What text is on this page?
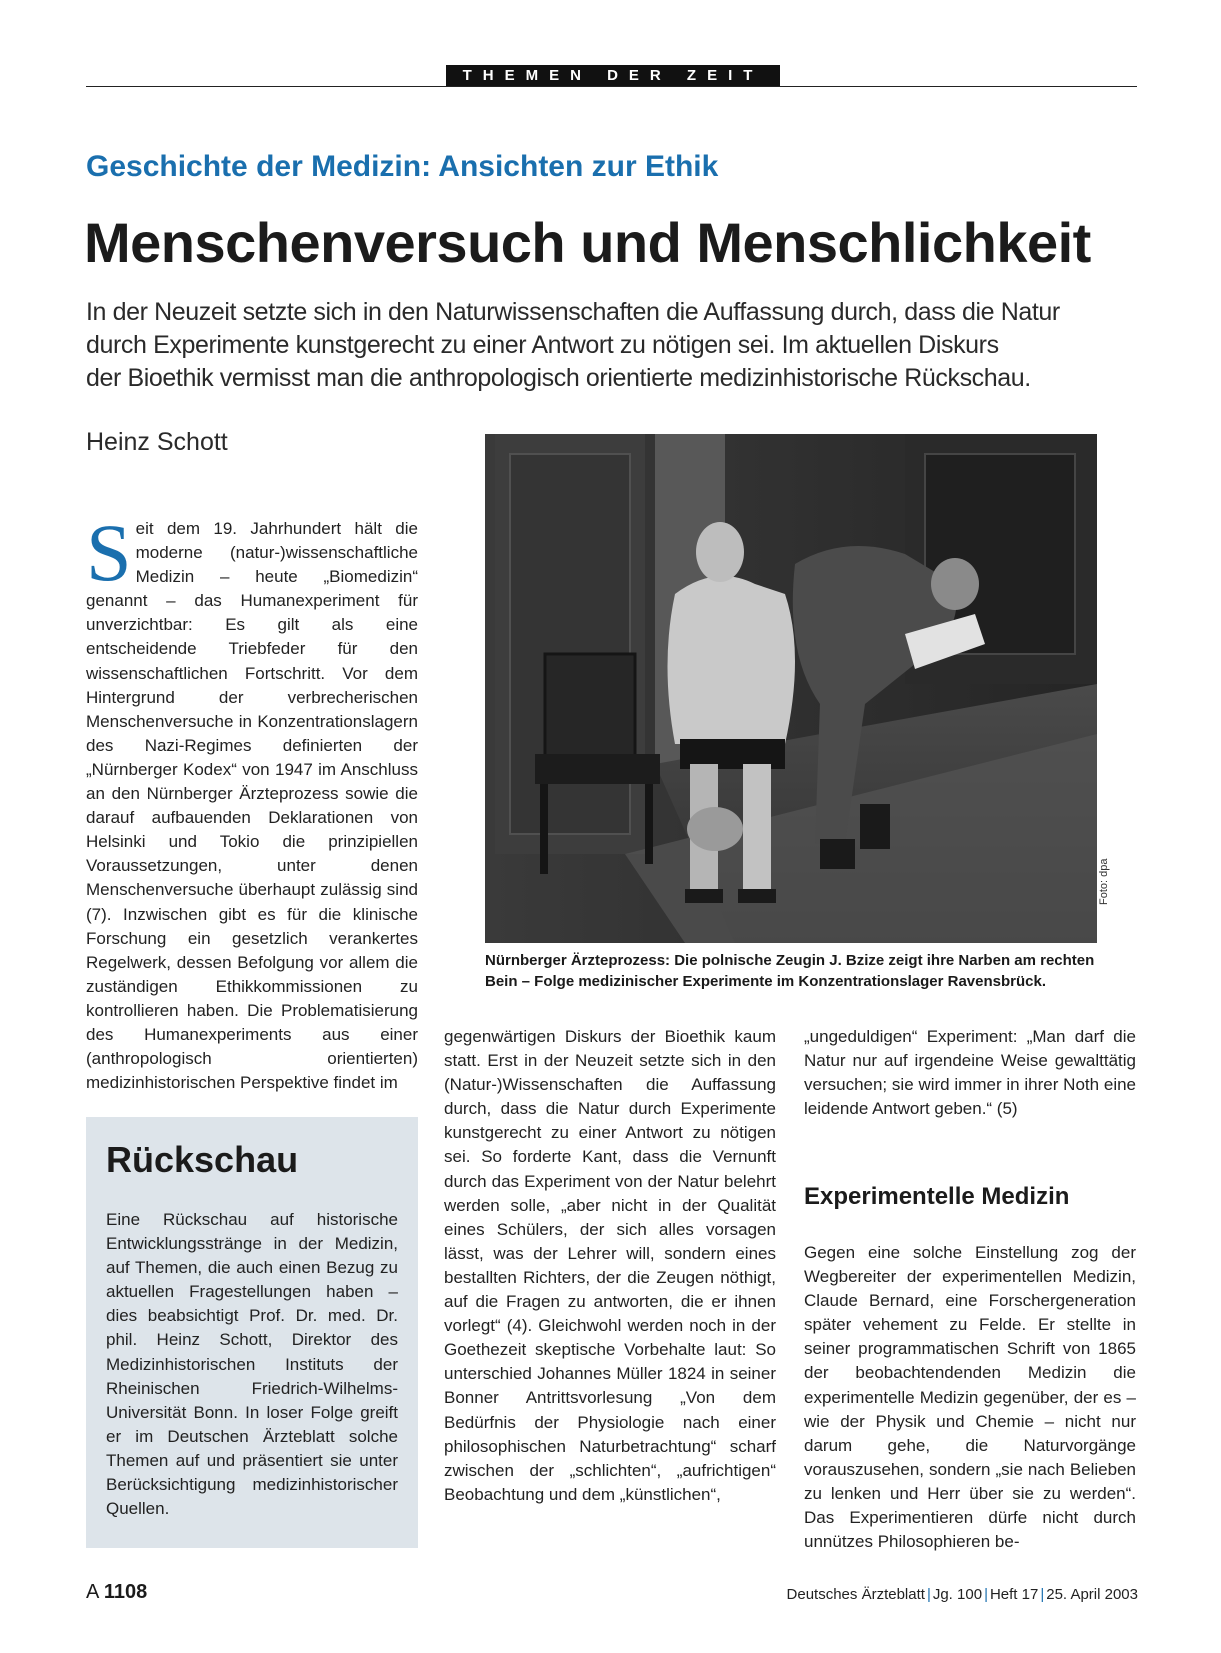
THEMEN DER ZEIT
Geschichte der Medizin: Ansichten zur Ethik
Menschenversuch und Menschlichkeit
In der Neuzeit setzte sich in den Naturwissenschaften die Auffassung durch, dass die Natur
durch Experimente kunstgerecht zu einer Antwort zu nötigen sei. Im aktuellen Diskurs
der Bioethik vermisst man die anthropologisch orientierte medizinhistorische Rückschau.
Heinz Schott
S eit dem 19. Jahrhundert hält die moderne (natur-)wissenschaftliche Medizin – heute „Biomedizin“ genannt – das Humanexperiment für unverzichtbar: Es gilt als eine entscheidende Triebfeder für den wissenschaftlichen Fortschritt. Vor dem Hintergrund der verbrecherischen Menschenversuche in Konzentrationslagern des Nazi-Regimes definierten der „Nürnberger Kodex“ von 1947 im Anschluss an den Nürnberger Ärzteprozess sowie die darauf aufbauenden Deklarationen von Helsinki und Tokio die prinzipiellen Voraussetzungen, unter denen Menschenversuche überhaupt zulässig sind (7). Inzwischen gibt es für die klinische Forschung ein gesetzlich verankertes Regelwerk, dessen Befolgung vor allem die zuständigen Ethikkommissionen zu kontrollieren haben. Die Problematisierung des Humanexperiments aus einer (anthropologisch orientierten) medizinhistorischen Perspektive findet im
Rückschau
Eine Rückschau auf historische Entwicklungsstränge in der Medizin, auf Themen, die auch einen Bezug zu aktuellen Fragestellungen haben – dies beabsichtigt Prof. Dr. med. Dr. phil. Heinz Schott, Direktor des Medizinhistorischen Instituts der Rheinischen Friedrich-Wilhelms-Universität Bonn. In loser Folge greift er im Deutschen Ärzteblatt solche Themen auf und präsentiert sie unter Berücksichtigung medizinhistorischer Quellen.
Foto: dpa
Nürnberger Ärzteprozess: Die polnische Zeugin J. Bzize zeigt ihre Narben am rechten
Bein – Folge medizinischer Experimente im Konzentrationslager Ravensbrück.
gegenwärtigen Diskurs der Bioethik kaum statt. Erst in der Neuzeit setzte sich in den (Natur-)Wissenschaften die Auffassung durch, dass die Natur durch Experimente kunstgerecht zu einer Antwort zu nötigen sei. So forderte Kant, dass die Vernunft durch das Experiment von der Natur belehrt werden solle, „aber nicht in der Qualität eines Schülers, der sich alles vorsagen lässt, was der Lehrer will, sondern eines bestallten Richters, der die Zeugen nöthigt, auf die Fragen zu antworten, die er ihnen vorlegt“ (4). Gleichwohl werden noch in der Goethezeit skeptische Vorbehalte laut: So unterschied Johannes Müller 1824 in seiner Bonner Antrittsvorlesung „Von dem Bedürfnis der Physiologie nach einer philosophischen Naturbetrachtung“ scharf zwischen der „schlichten“, „aufrichtigen“ Beobachtung und dem „künstlichen“,
„ungeduldigen“ Experiment: „Man darf die Natur nur auf irgendeine Weise gewalttätig versuchen; sie wird immer in ihrer Noth eine leidende Antwort geben.“ (5)
Experimentelle Medizin
Gegen eine solche Einstellung zog der Wegbereiter der experimentellen Medizin, Claude Bernard, eine Forschergeneration später vehement zu Felde. Er stellte in seiner programmatischen Schrift von 1865 der beobachtendenden Medizin die experimentelle Medizin gegenüber, der es – wie der Physik und Chemie – nicht nur darum gehe, die Naturvorgänge vorauszusehen, sondern „sie nach Belieben zu lenken und Herr über sie zu werden“. Das Experimentieren dürfe nicht durch unnützes Philosophieren be-
A 1108	Deutsches Ärzteblatt | Jg. 100 | Heft 17 | 25. April 2003
